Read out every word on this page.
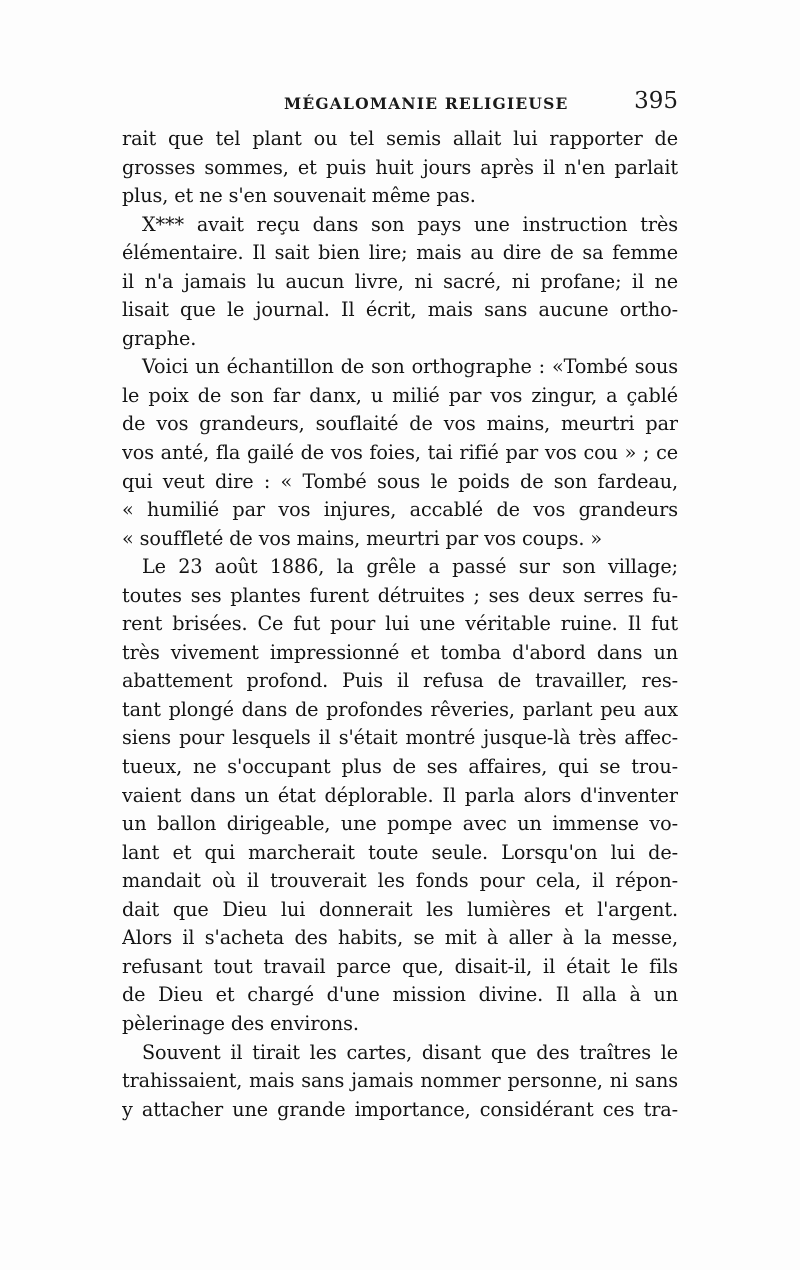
MÉGALOMANIE RELIGIEUSE	395

rait que tel plant ou tel semis allait lui rapporter de
grosses sommes, et puis huit jours après il n'en parlait
plus, et ne s'en souvenait même pas.

X*** avait reçu dans son pays une instruction très
élémentaire. Il sait bien lire; mais au dire de sa femme
il n'a jamais lu aucun livre, ni sacré, ni profane; il ne
lisait que le journal. Il écrit, mais sans aucune ortho-
graphe.

Voici un échantillon de son orthographe : «Tombé sous
le poix de son far danx, u milié par vos zingur, a çablé
de vos grandeurs, souflaité de vos mains, meurtri par
vos anté, fla gailé de vos foies, tai rifié par vos cou » ; ce
qui veut dire : « Tombé sous le poids de son fardeau,
« humilié par vos injures, accablé de vos grandeurs
« souffleté de vos mains, meurtri par vos coups. »

Le 23 août 1886, la grêle a passé sur son village;
toutes ses plantes furent détruites ; ses deux serres fu-
rent brisées. Ce fut pour lui une véritable ruine. Il fut
très vivement impressionné et tomba d'abord dans un
abattement profond. Puis il refusa de travailler, res-
tant plongé dans de profondes rêveries, parlant peu aux
siens pour lesquels il s'était montré jusque-là très affec-
tueux, ne s'occupant plus de ses affaires, qui se trou-
vaient dans un état déplorable. Il parla alors d'inventer
un ballon dirigeable, une pompe avec un immense vo-
lant et qui marcherait toute seule. Lorsqu'on lui de-
mandait où il trouverait les fonds pour cela, il répon-
dait que Dieu lui donnerait les lumières et l'argent.
Alors il s'acheta des habits, se mit à aller à la messe,
refusant tout travail parce que, disait-il, il était le fils
de Dieu et chargé d'une mission divine. Il alla à un
pèlerinage des environs.

Souvent il tirait les cartes, disant que des traîtres le
trahissaient, mais sans jamais nommer personne, ni sans
y attacher une grande importance, considérant ces tra-
